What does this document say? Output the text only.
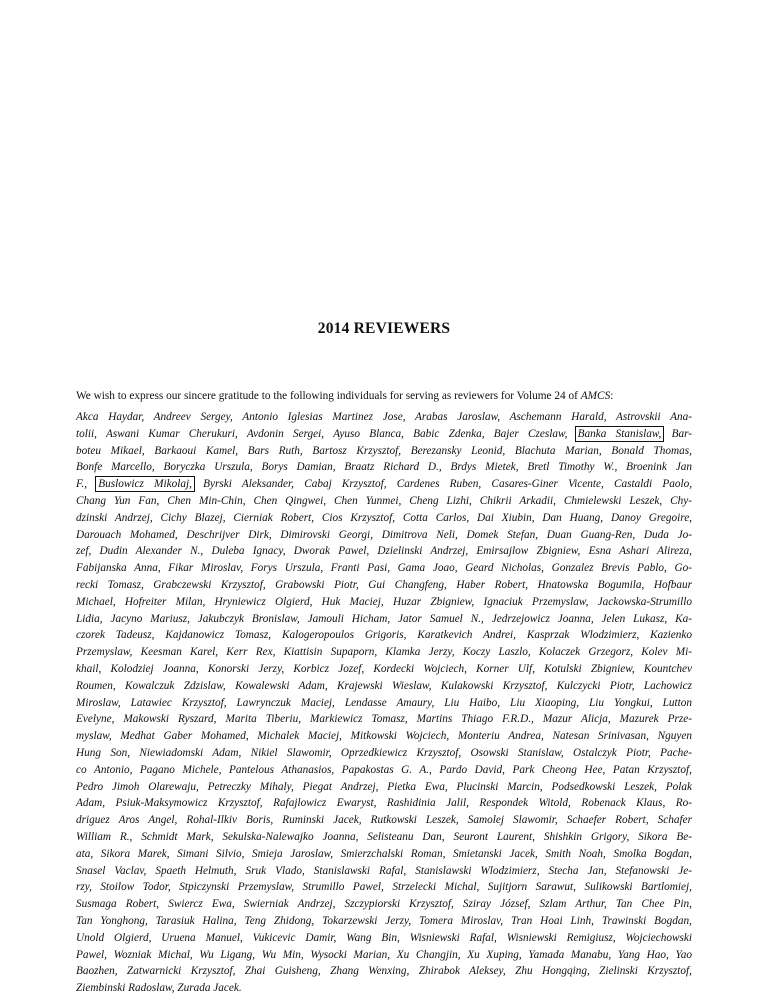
2014 REVIEWERS
We wish to express our sincere gratitude to the following individuals for serving as reviewers for Volume 24 of AMCS:
Akca Haydar, Andreev Sergey, Antonio Iglesias Martinez Jose, Arabas Jaroslaw, Aschemann Harald, Astrovskii Ana-
tolii, Aswani Kumar Cherukuri, Avdonin Sergei, Ayuso Blanca, Babic Zdenka, Bajer Czeslaw, Banka Stanislaw, Bar-
boteu Mikael, Barkaoui Kamel, Bars Ruth, Bartosz Krzysztof, Berezansky Leonid, Blachuta Marian, Bonald Thomas,
Bonfe Marcello, Boryczka Urszula, Borys Damian, Braatz Richard D., Brdys Mietek, Bretl Timothy W., Broenink Jan
F., Buslowicz Mikolaj, Byrski Aleksander, Cabaj Krzysztof, Cardenes Ruben, Casares-Giner Vicente, Castaldi Paolo,
Chang Yun Fan, Chen Min-Chin, Chen Qingwei, Chen Yunmei, Cheng Lizhi, Chikrii Arkadii, Chmielewski Leszek, Chy-
dzinski Andrzej, Cichy Blazej, Cierniak Robert, Cios Krzysztof, Cotta Carlos, Dai Xiubin, Dan Huang, Danoy Gregoire,
Darouach Mohamed, Deschrijver Dirk, Dimirovski Georgi, Dimitrova Neli, Domek Stefan, Duan Guang-Ren, Duda Jo-
zef, Dudin Alexander N., Duleba Ignacy, Dworak Pawel, Dzielinski Andrzej, Emirsajlow Zbigniew, Esna Ashari Alireza,
Fabijanska Anna, Fikar Miroslav, Forys Urszula, Franti Pasi, Gama Joao, Geard Nicholas, Gonzalez Brevis Pablo, Go-
recki Tomasz, Grabczewski Krzysztof, Grabowski Piotr, Gui Changfeng, Haber Robert, Hnatowska Bogumila, Hofbaur
Michael, Hofreiter Milan, Hryniewicz Olgierd, Huk Maciej, Huzar Zbigniew, Ignaciuk Przemyslaw, Jackowska-Strumillo
Lidia, Jacyno Mariusz, Jakubczyk Bronislaw, Jamouli Hicham, Jator Samuel N., Jedrzejowicz Joanna, Jelen Lukasz, Ka-
czorek Tadeusz, Kajdanowicz Tomasz, Kalogeropoulos Grigoris, Karatkevich Andrei, Kasprzak Wlodzimierz, Kazienko
Przemyslaw, Keesman Karel, Kerr Rex, Kiattisin Supaporn, Klamka Jerzy, Koczy Laszlo, Kolaczek Grzegorz, Kolev Mi-
khail, Kolodziej Joanna, Konorski Jerzy, Korbicz Jozef, Kordecki Wojciech, Korner Ulf, Kotulski Zbigniew, Kountchev
Roumen, Kowalczuk Zdzislaw, Kowalewski Adam, Krajewski Wieslaw, Kulakowski Krzysztof, Kulczycki Piotr, Lachowicz
Miroslaw, Latawiec Krzysztof, Lawrynczuk Maciej, Lendasse Amaury, Liu Haibo, Liu Xiaoping, Liu Yongkui, Lutton
Evelyne, Makowski Ryszard, Marita Tiberiu, Markiewicz Tomasz, Martins Thiago F.R.D., Mazur Alicja, Mazurek Prze-
myslaw, Medhat Gaber Mohamed, Michalek Maciej, Mitkowski Wojciech, Monteriu Andrea, Natesan Srinivasan, Nguyen
Hung Son, Niewiadomski Adam, Nikiel Slawomir, Oprzedkiewicz Krzysztof, Osowski Stanislaw, Ostalczyk Piotr, Pache-
co Antonio, Pagano Michele, Pantelous Athanasios, Papakostas G. A., Pardo David, Park Cheong Hee, Patan Krzysztof,
Pedro Jimoh Olarewaju, Petreczky Mihaly, Piegat Andrzej, Pietka Ewa, Plucinski Marcin, Podsedkowski Leszek, Polak
Adam, Psiuk-Maksymowicz Krzysztof, Rafajlowicz Ewaryst, Rashidinia Jalil, Respondek Witold, Robenack Klaus, Ro-
driguez Aros Angel, Rohal-Ilkiv Boris, Ruminski Jacek, Rutkowski Leszek, Samolej Slawomir, Schaefer Robert, Schafer
William R., Schmidt Mark, Sekulska-Nalewajko Joanna, Selisteanu Dan, Seuront Laurent, Shishkin Grigory, Sikora Be-
ata, Sikora Marek, Simani Silvio, Smieja Jaroslaw, Smierzchalski Roman, Smietanski Jacek, Smith Noah, Smolka Bogdan,
Snasel Vaclav, Spaeth Helmuth, Sruk Vlado, Stanislawski Rafal, Stanislawski Wlodzimierz, Stecha Jan, Stefanowski Je-
rzy, Stoilow Todor, Stpiczynski Przemyslaw, Strumillo Pawel, Strzelecki Michal, Sujitjorn Sarawut, Sulikowski Bartlomiej,
Susmaga Robert, Swiercz Ewa, Swierniak Andrzej, Szczypiorski Krzysztof, Sziray József, Szlam Arthur, Tan Chee Pin,
Tan Yonghong, Tarasiuk Halina, Teng Zhidong, Tokarzewski Jerzy, Tomera Miroslav, Tran Hoai Linh, Trawinski Bogdan,
Unold Olgierd, Uruena Manuel, Vukicevic Damir, Wang Bin, Wisniewski Rafal, Wisniewski Remigiusz, Wojciechowski
Pawel, Wozniak Michal, Wu Ligang, Wu Min, Wysocki Marian, Xu Changjin, Xu Xuping, Yamada Manabu, Yang Hao, Yao
Baozhen, Zatwarnicki Krzysztof, Zhai Guisheng, Zhang Wenxing, Zhirabok Aleksey, Zhu Hongqing, Zielinski Krzysztof,
Ziembinski Radoslaw, Zurada Jacek.
